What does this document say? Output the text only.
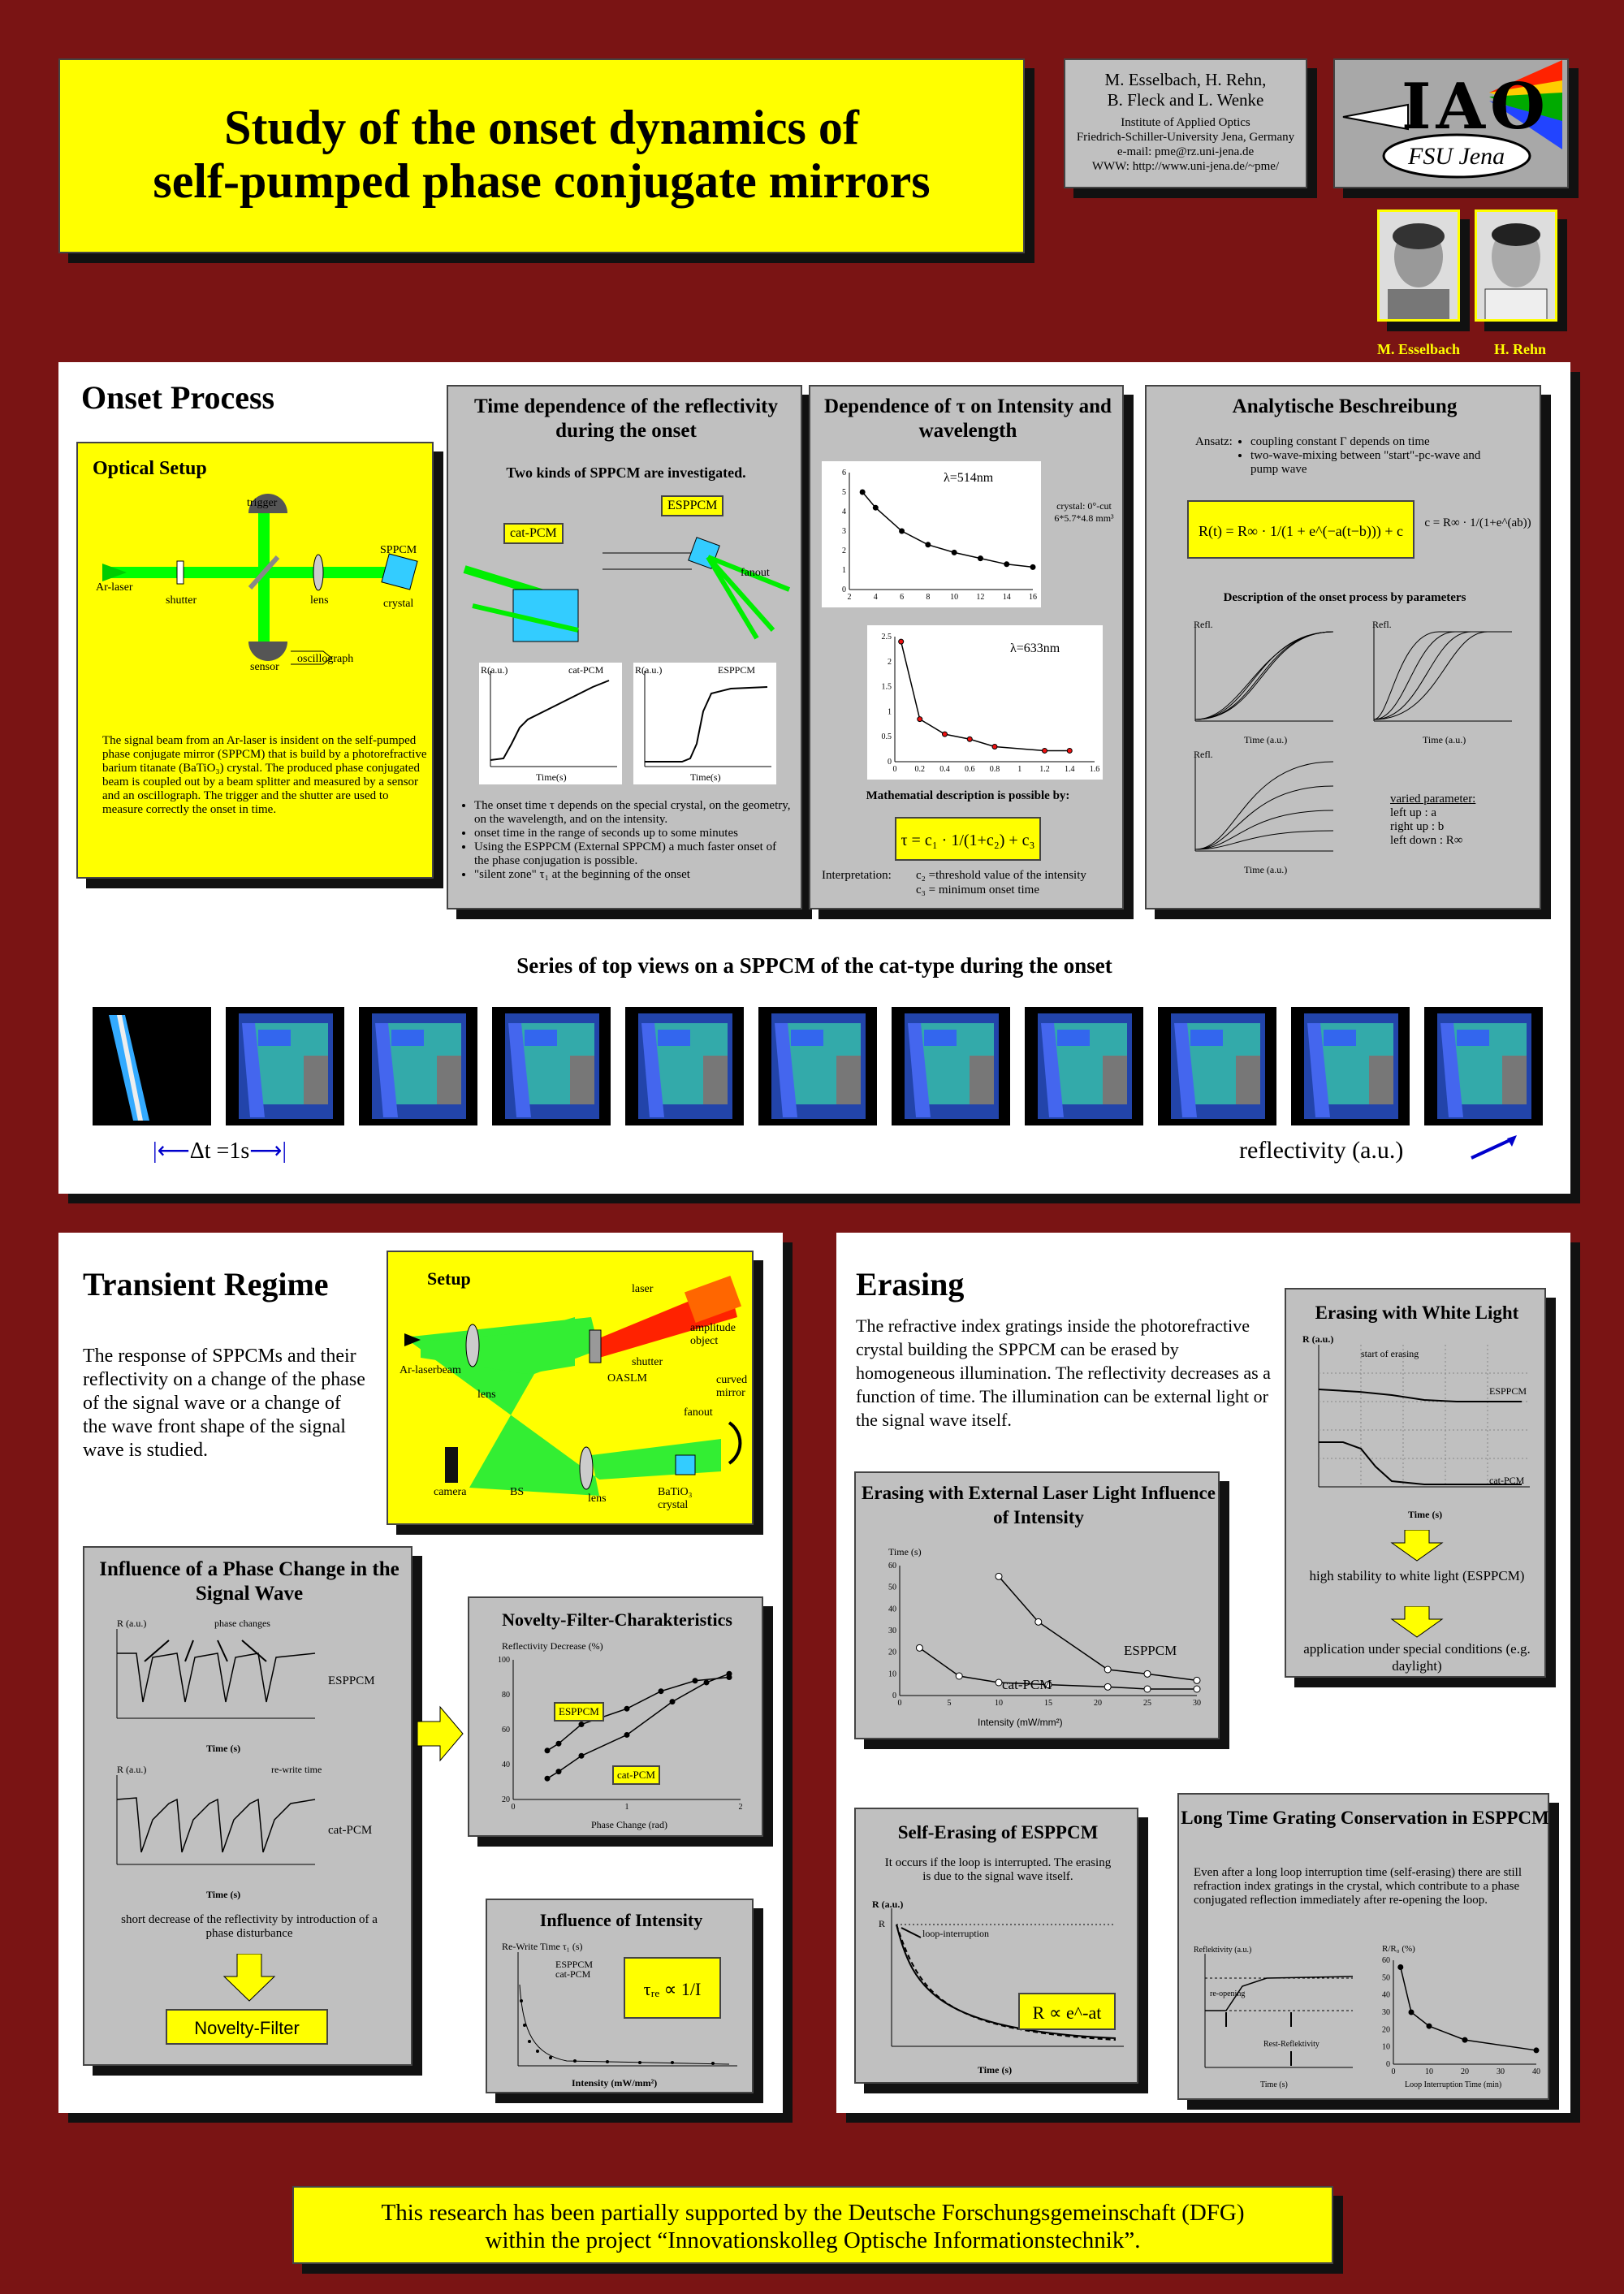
Study of the onset dynamics of
self-pumped phase conjugate mirrors
M. Esselbach, H. Rehn,
B. Fleck and L. Wenke
Institute of Applied Optics
Friedrich-Schiller-University Jena, Germany
e-mail: pme@rz.uni-jena.de
WWW: http://www.uni-jena.de/~pme/
IAO
FSU Jena
M. Esselbach H. Rehn
Onset Process
Optical Setup
trigger
SPPCM
Ar-laser
shutter	lens	crystal
sensor
oscillograph
The signal beam from an Ar-laser is insident on the self-pumped phase conjugate mirror (SPPCM) that is build by a photorefractive barium titanate (BaTiO₃) crystal. The produced phase conjugated beam is coupled out by a beam splitter and measured by a sensor and an oscillograph. The trigger and the shutter are used to measure correctly the onset in time.
Time dependence of the reflectivity during the onset
Two kinds of SPPCM are investigated.
cat-PCM
ESPPCM
fanout
cat-PCM
R(a.u.)
Time(s)
ESPPCM
R(a.u.)
Time(s)
• The onset time τ depends on the special crystal, on the geometry, on the wavelength, and on the intensity.
• onset time in the range of seconds up to some minutes
• Using the ESPPCM (External SPPCM) a much faster onset of the phase conjugation is possible.
• "silent zone" τ₁ at the beginning of the onset
Dependence of τ on Intensity and wavelength
2	4	6	8 10 12 14 16
0
1
2
3
4
5
6	λ=514nm
crystal: 0°-cut 6*5.7*4.8 mm³
0 0.2 0.4 0.6 0.8 1 1.2 1.4 1.6
0
0.5
1
1.5
2
2.5
λ=633nm
Mathematial description is possible by:
τ = c₁ · 1/(1+c₂) + c₃
Interpretation: c₂ =threshold value of the intensity
c₃ = minimum onset time
Analytische Beschreibung
Ansatz:
• coupling constant Γ depends on time
• two-wave-mixing between "start"-pc-wave and pump wave
R(t) = R∞ · 1/(1 + e^(−a(t−b))) + c	c = R∞ · 1/(1+e^(ab))
Description of the onset process by parameters
Refl.	Refl.
Refl.
Time (a.u.)	Time (a.u.)
Time (a.u.)
varied parameter:
left up : a
right up : b
left down : R∞
Series of top views on a SPPCM of the cat-type during the onset
|⟵Δt =1s⟶|	reflectivity (a.u.)
Transient Regime
The response of SPPCMs and their reflectivity on a change of the phase of the signal wave or a change of the wave front shape of the signal wave is studied.
Setup
laser
amplitude object
Ar-laserbeam
lens
shutter
OASLM
fanout
curved mirror
camera	BS
lens
BaTiO₃ crystal
Influence of a Phase Change in the Signal Wave
R (a.u.)	phase changes
ESPPCM
Time (s)
R (a.u.)	re-write time
cat-PCM
Time (s)
short decrease of the reflectivity by introduction of a phase disturbance
Novelty-Filter
Novelty-Filter-Charakteristics
Reflectivity Decrease (%)
0	1	2
20
40
60
80
100
Phase Change (rad)
ESPPCM
cat-PCM
Influence of Intensity
Re-Write Time τ₁ (s)
ESPPCM
cat-PCM
Intensity (mW/mm²)
τᵣₑ ∝ 1/I
Erasing
The refractive index gratings inside the photorefractive crystal building the SPPCM can be erased by homogeneous illumination. The reflectivity decreases as a function of time. The illumination can be external light or the signal wave itself.
Erasing with External Laser Light Influence of Intensity
Time (s)
0	5	10	15	20	25	30
0
10
20
30
40
50
60
Intensity (mW/mm²)
ESPPCM
cat-PCM
Erasing with White Light
R (a.u.)
start of erasing
ESPPCM
cat-PCM
Time (s)
high stability to white light (ESPPCM)
application under special conditions (e.g. daylight)
Self-Erasing of ESPPCM
It occurs if the loop is interrupted. The erasing is due to the signal wave itself.
R (a.u.)
R
loop-interruption
Time (s)
R ∝ e^-at
Long Time Grating Conservation in ESPPCM
Even after a long loop interruption time (self-erasing) there are still refraction index gratings in the crystal, which contribute to a phase conjugated reflection immediately after re-opening the loop.
Reflektivity (a.u.)
re-opening
Rest-Reflektivity
Time (s)
R/R₀ (%)
0	10	20	30	40
0
10
20
30
40
50
60
Loop Interruption Time (min)
This research has been partially supported by the Deutsche Forschungsgemeinschaft (DFG)
within the project “Innovationskolleg Optische Informationstechnik”.
